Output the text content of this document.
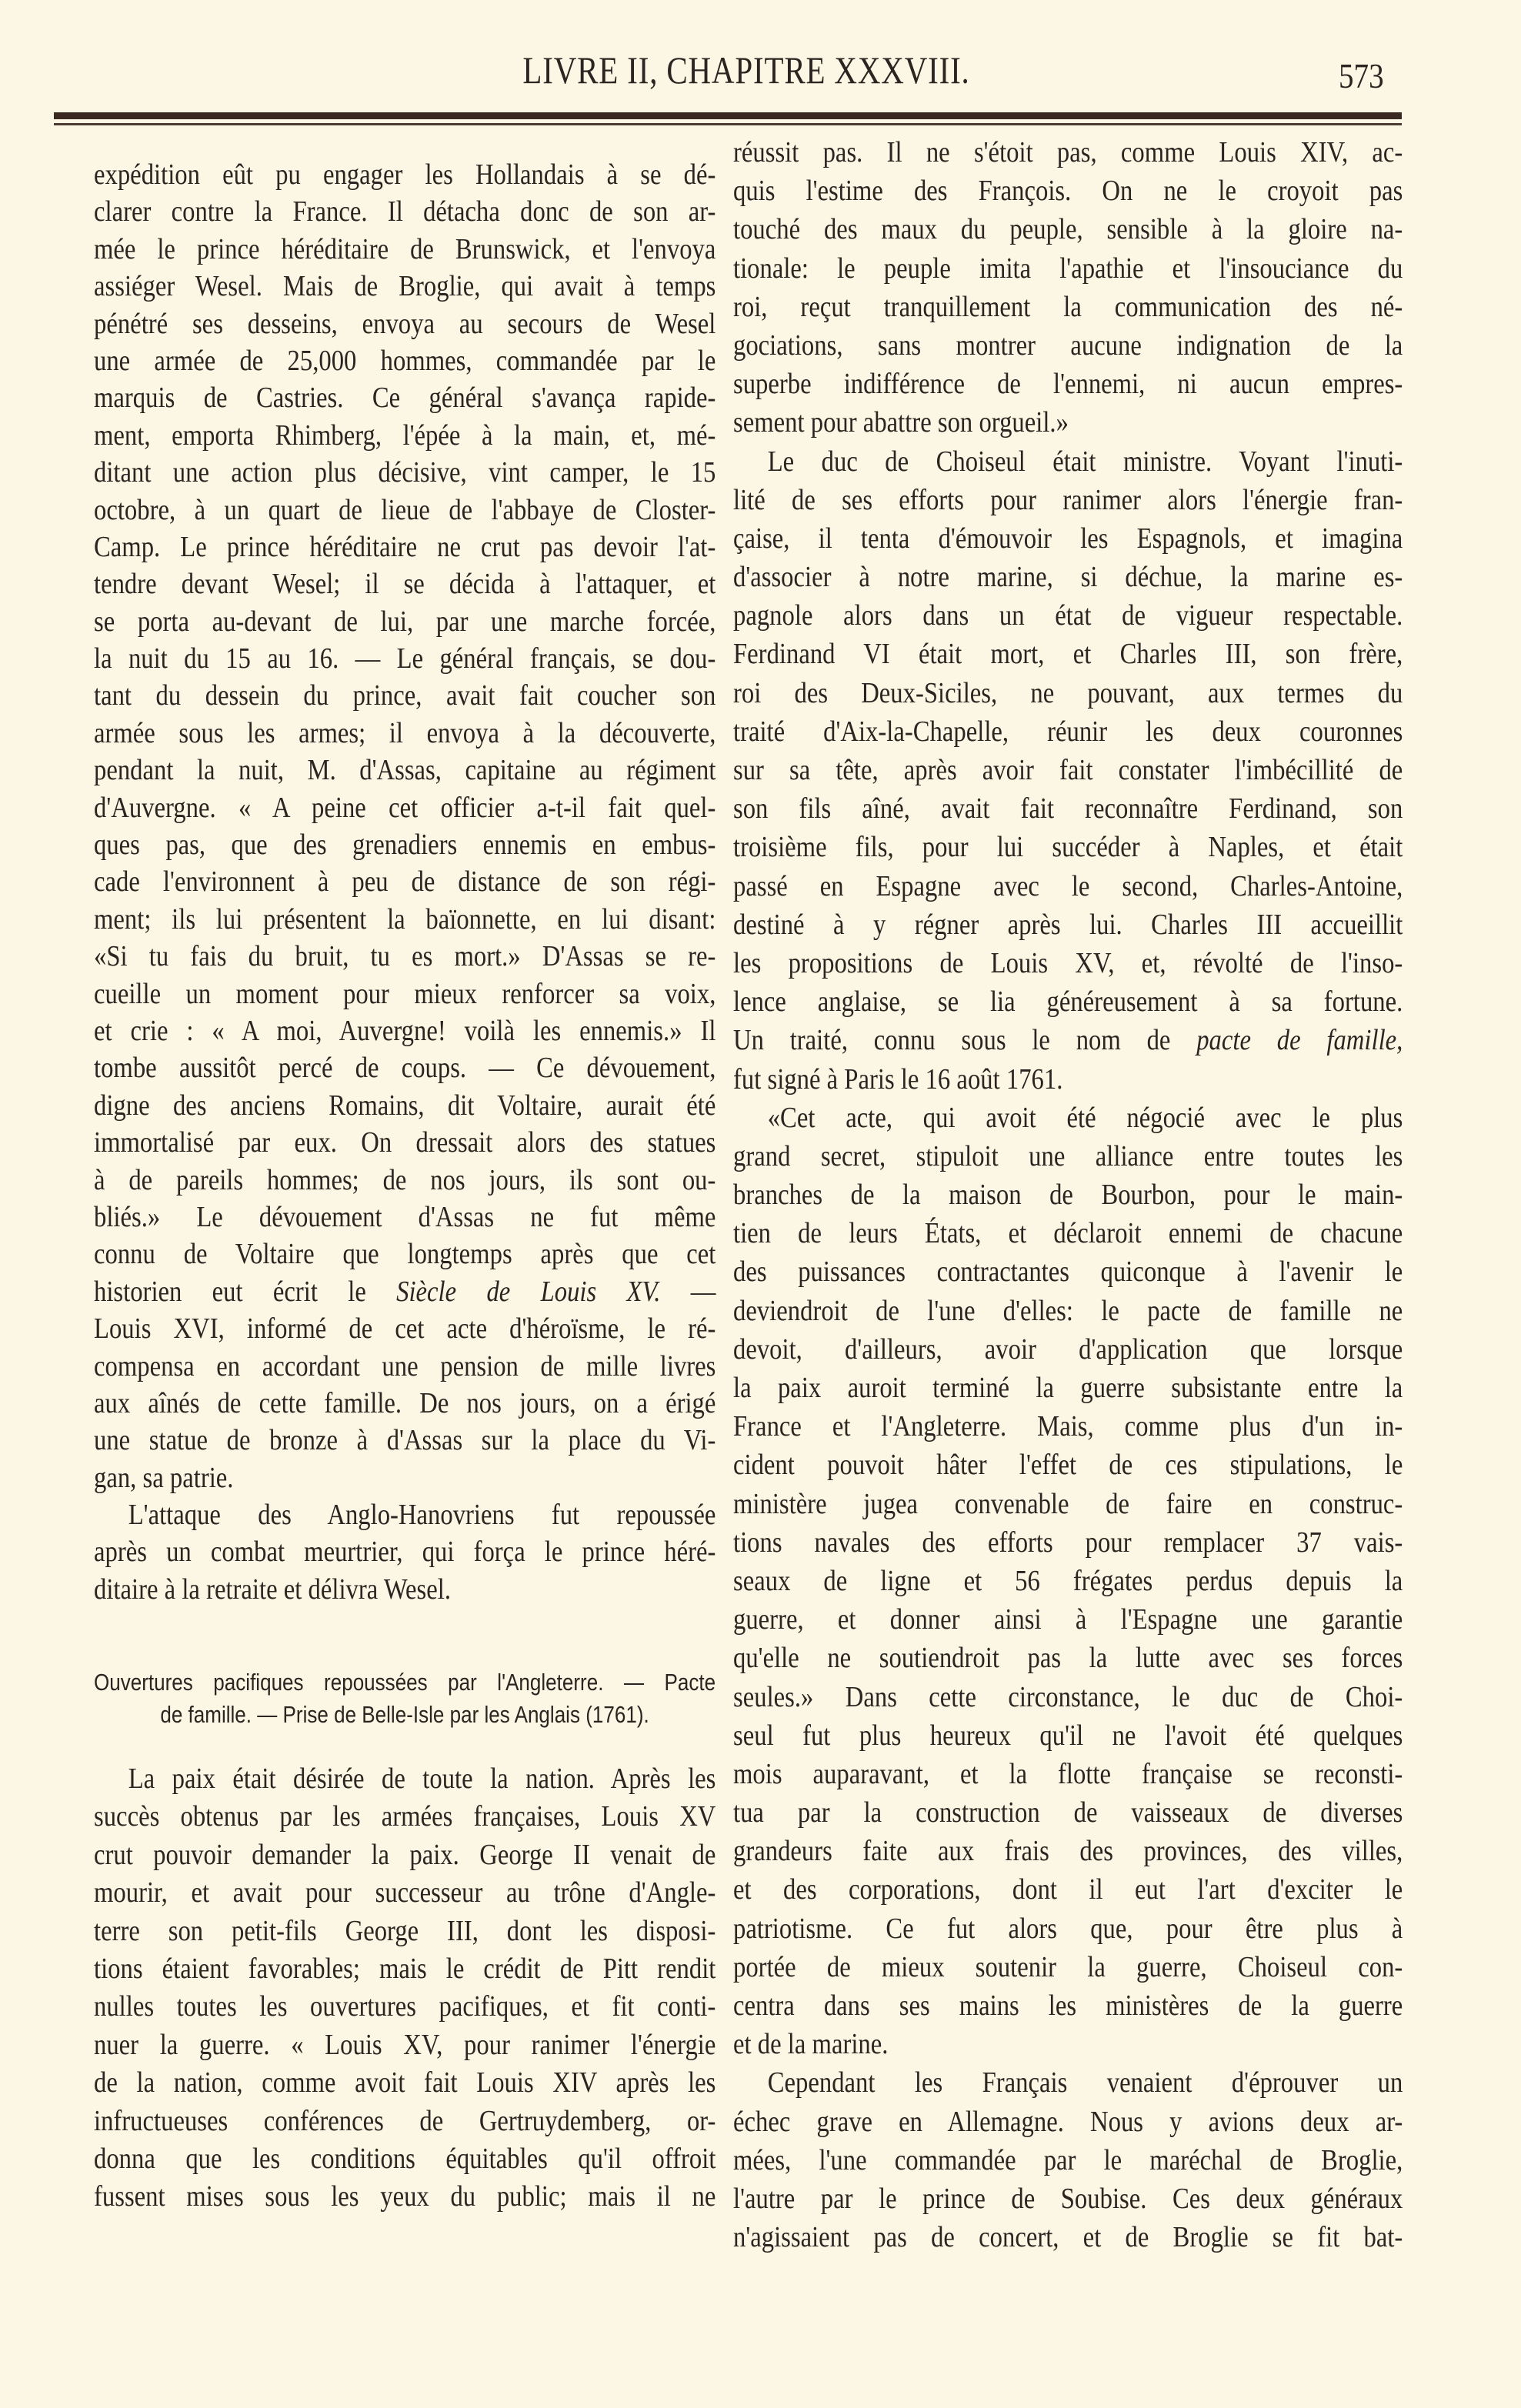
LIVRE II, CHAPITRE XXXVIII.	573
expédition eût pu engager les Hollandais à se dé-
clarer contre la France. Il détacha donc de son ar-
mée le prince héréditaire de Brunswick, et l'envoya
assiéger Wesel. Mais de Broglie, qui avait à temps
pénétré ses desseins, envoya au secours de Wesel
une armée de 25,000 hommes, commandée par le
marquis de Castries. Ce général s'avança rapide-
ment, emporta Rhimberg, l'épée à la main, et, mé-
ditant une action plus décisive, vint camper, le 15
octobre, à un quart de lieue de l'abbaye de Closter-
Camp. Le prince héréditaire ne crut pas devoir l'at-
tendre devant Wesel; il se décida à l'attaquer, et
se porta au-devant de lui, par une marche forcée,
la nuit du 15 au 16. — Le général français, se dou-
tant du dessein du prince, avait fait coucher son
armée sous les armes; il envoya à la découverte,
pendant la nuit, M. d'Assas, capitaine au régiment
d'Auvergne. « A peine cet officier a-t-il fait quel-
ques pas, que des grenadiers ennemis en embus-
cade l'environnent à peu de distance de son régi-
ment; ils lui présentent la baïonnette, en lui disant:
«Si tu fais du bruit, tu es mort.» D'Assas se re-
cueille un moment pour mieux renforcer sa voix,
et crie : « A moi, Auvergne! voilà les ennemis.» Il
tombe aussitôt percé de coups. — Ce dévouement,
digne des anciens Romains, dit Voltaire, aurait été
immortalisé par eux. On dressait alors des statues
à de pareils hommes; de nos jours, ils sont ou-
bliés.» Le dévouement d'Assas ne fut même
connu de Voltaire que longtemps après que cet
historien eut écrit le Siècle de Louis XV. —
Louis XVI, informé de cet acte d'héroïsme, le ré-
compensa en accordant une pension de mille livres
aux aînés de cette famille. De nos jours, on a érigé
une statue de bronze à d'Assas sur la place du Vi-
gan, sa patrie.
L'attaque des Anglo-Hanovriens fut repoussée
après un combat meurtrier, qui força le prince héré-
ditaire à la retraite et délivra Wesel.
Ouvertures pacifiques repoussées par l'Angleterre. — Pacte
de famille. — Prise de Belle-Isle par les Anglais (1761).
La paix était désirée de toute la nation. Après les
succès obtenus par les armées françaises, Louis XV
crut pouvoir demander la paix. George II venait de
mourir, et avait pour successeur au trône d'Angle-
terre son petit-fils George III, dont les disposi-
tions étaient favorables; mais le crédit de Pitt rendit
nulles toutes les ouvertures pacifiques, et fit conti-
nuer la guerre. « Louis XV, pour ranimer l'énergie
de la nation, comme avoit fait Louis XIV après les
infructueuses conférences de Gertruydemberg, or-
donna que les conditions équitables qu'il offroit
fussent mises sous les yeux du public; mais il ne
réussit pas. Il ne s'étoit pas, comme Louis XIV, ac-
quis l'estime des François. On ne le croyoit pas
touché des maux du peuple, sensible à la gloire na-
tionale: le peuple imita l'apathie et l'insouciance du
roi, reçut tranquillement la communication des né-
gociations, sans montrer aucune indignation de la
superbe indifférence de l'ennemi, ni aucun empres-
sement pour abattre son orgueil.»
Le duc de Choiseul était ministre. Voyant l'inuti-
lité de ses efforts pour ranimer alors l'énergie fran-
çaise, il tenta d'émouvoir les Espagnols, et imagina
d'associer à notre marine, si déchue, la marine es-
pagnole alors dans un état de vigueur respectable.
Ferdinand VI était mort, et Charles III, son frère,
roi des Deux-Siciles, ne pouvant, aux termes du
traité d'Aix-la-Chapelle, réunir les deux couronnes
sur sa tête, après avoir fait constater l'imbécillité de
son fils aîné, avait fait reconnaître Ferdinand, son
troisième fils, pour lui succéder à Naples, et était
passé en Espagne avec le second, Charles-Antoine,
destiné à y régner après lui. Charles III accueillit
les propositions de Louis XV, et, révolté de l'inso-
lence anglaise, se lia généreusement à sa fortune.
Un traité, connu sous le nom de pacte de famille,
fut signé à Paris le 16 août 1761.
«Cet acte, qui avoit été négocié avec le plus
grand secret, stipuloit une alliance entre toutes les
branches de la maison de Bourbon, pour le main-
tien de leurs États, et déclaroit ennemi de chacune
des puissances contractantes quiconque à l'avenir le
deviendroit de l'une d'elles: le pacte de famille ne
devoit, d'ailleurs, avoir d'application que lorsque
la paix auroit terminé la guerre subsistante entre la
France et l'Angleterre. Mais, comme plus d'un in-
cident pouvoit hâter l'effet de ces stipulations, le
ministère jugea convenable de faire en construc-
tions navales des efforts pour remplacer 37 vais-
seaux de ligne et 56 frégates perdus depuis la
guerre, et donner ainsi à l'Espagne une garantie
qu'elle ne soutiendroit pas la lutte avec ses forces
seules.» Dans cette circonstance, le duc de Choi-
seul fut plus heureux qu'il ne l'avoit été quelques
mois auparavant, et la flotte française se reconsti-
tua par la construction de vaisseaux de diverses
grandeurs faite aux frais des provinces, des villes,
et des corporations, dont il eut l'art d'exciter le
patriotisme. Ce fut alors que, pour être plus à
portée de mieux soutenir la guerre, Choiseul con-
centra dans ses mains les ministères de la guerre
et de la marine.
Cependant les Français venaient d'éprouver un
échec grave en Allemagne. Nous y avions deux ar-
mées, l'une commandée par le maréchal de Broglie,
l'autre par le prince de Soubise. Ces deux généraux
n'agissaient pas de concert, et de Broglie se fit bat-
